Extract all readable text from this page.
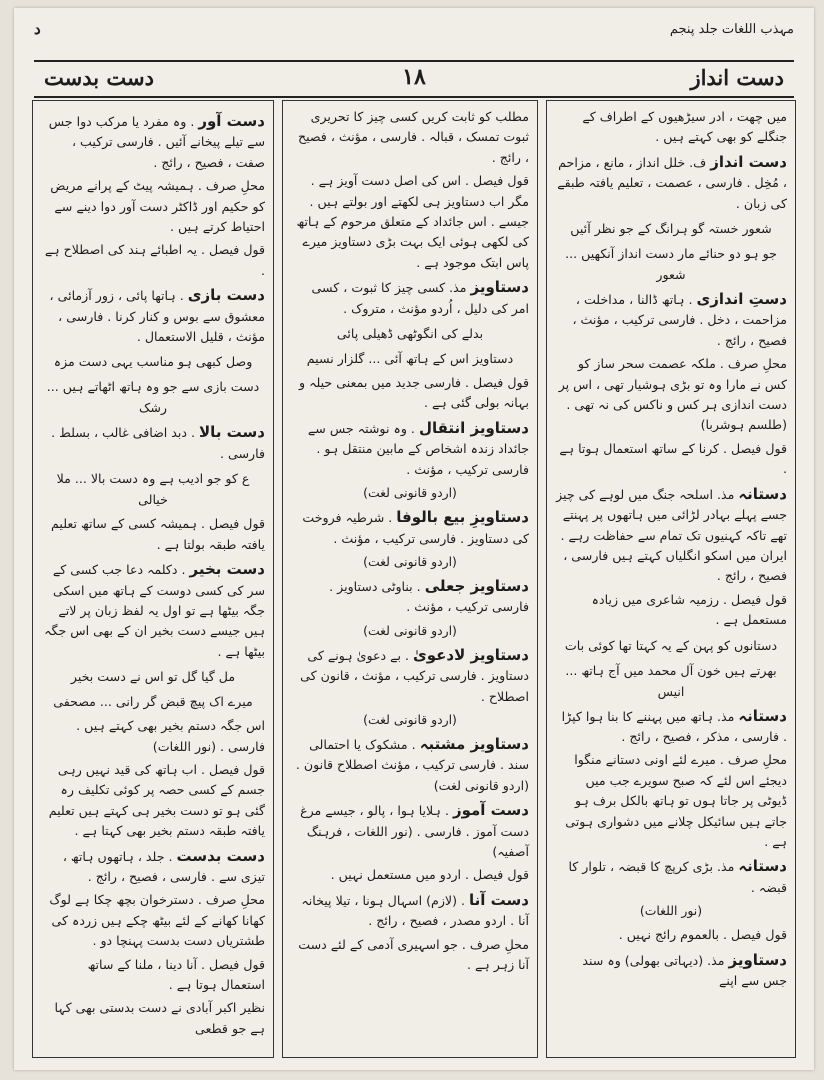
د	مہذب اللغات جلد پنجم
دست بدست	۱۸	دست انداز
میں چھت ، ادر سیڑھیوں کے اطراف کے جنگلے کو بھی کہتے ہیں .
دست انداز ف. خلل انداز ، مانع ، مزاحم ، مُخِل . فارسی ، عصمت ، تعلیم یافتہ طبقے کی زبان .
شعور خستہ گو ہرانگ کے جو نظر آئیں
جو ہو دو حنائے مار دست انداز آنکھیں ... شعور
دستِ اندازی . ہاتھ ڈالنا ، مداخلت ، مزاحمت ، دخل . فارسی ترکیب ، مؤنث ، فصیح ، رائج .
محلِ صرف . ملکہ عصمت سحر ساز کو کس نے مارا وہ تو بڑی ہوشیار تھی ، اس پر دست اندازی ہر کس و ناکس کی نہ تھی . (طلسم ہوشربا)
قول فیصل . کرنا کے ساتھ استعمال ہوتا ہے .
دستانہ مذ. اسلحہ جنگ میں لوہے کی چیز جسے پہلے بہادر لڑائی میں ہاتھوں پر پہنتے تھے تاکہ کہنیوں تک تمام سے حفاظت رہے . ایران میں اسکو انگلیاں کہتے ہیں فارسی ، فصیح ، رائج .
قول فیصل . رزمیہ شاعری میں زیادہ مستعمل ہے .
دستانوں کو پہن کے یہ کہتا تھا کوئی بات
بھرتے ہیں خون آل محمد میں آج ہاتھ ... انیس
دستانہ مذ. ہاتھ میں پہننے کا بنا ہوا کپڑا . فارسی ، مذکر ، فصیح ، رائج .
محلِ صرف . میرے لئے اونی دستانے منگوا دیجئے اس لئے کہ صبح سویرے جب میں ڈیوٹی پر جاتا ہوں تو ہاتھ بالکل برف ہو جاتے ہیں سائیکل چلانے میں دشواری ہوتی ہے .
دستانہ مذ. بڑی کرپچ کا قبضہ ، تلوار کا قبضہ .
(نور اللغات)
قول فیصل . بالعموم رائج نہیں .
دستاویز مذ. (دیہاتی بھولی) وہ سند جس سے اپنے
مطلب کو ثابت کریں کسی چیز کا تحریری ثبوت تمسک ، قبالہ . فارسی ، مؤنث ، فصیح ، رائج .
قول فیصل . اس کی اصل دست آویز ہے . مگر اب دستاویز ہی لکھتے اور بولتے ہیں . جیسے . اس جائداد کے متعلق مرحوم کے ہاتھ کی لکھی ہوئی ایک بہت بڑی دستاویز میرے پاس ابتک موجود ہے .
دستاویز مذ. کسی چیز کا ثبوت ، کسی امر کی دلیل ، اُردو مؤنث ، متروک .
بدلے کی انگوٹھی ڈھیلی پائی
دستاویز اس کے ہاتھ آئی ... گلزار نسیم
قول فیصل . فارسی جدید میں بمعنی حیلہ و بہانہ بولی گئی ہے .
دستاویز انتقال . وہ نوشتہ جس سے جائداد زندہ اشخاص کے مابین منتقل ہو . فارسی ترکیب ، مؤنث .
(اردو قانونی لغت)
دستاویزِ بیع بالوفا . شرطیہ فروخت کی دستاویز . فارسی ترکیب ، مؤنث .
(اردو قانونی لغت)
دستاویز جعلی . بناوٹی دستاویز . فارسی ترکیب ، مؤنث .
(اردو قانونی لغت)
دستاویز لادعویٰ . بے دعویٰ ہونے کی دستاویز . فارسی ترکیب ، مؤنث ، قانون کی اصطلاح .
(اردو قانونی لغت)
دستاویز مشتبہ . مشکوک یا احتمالی سند . فارسی ترکیب ، مؤنث اصطلاح قانون . (اردو قانونی لغت)
دست آموز . ہلایا ہوا ، پالو ، جیسے مرغ دست آموز . فارسی . (نور اللغات ، فرہنگ آصفیہ)
قول فیصل . اردو میں مستعمل نہیں .
دست آنا . (لازم) اسہال ہونا ، تیلا پیخانہ آنا . اردو مصدر ، فصیح ، رائج .
محلِ صرف . جو اسہیری آدمی کے لئے دست آنا زہر ہے .
دست آور . وہ مفرد یا مرکب دوا جس سے تیلے پیخانے آئیں . فارسی ترکیب ، صفت ، فصیح ، رائج .
محلِ صرف . ہمیشہ پیٹ کے پرانے مریض کو حکیم اور ڈاکٹر دست آور دوا دینے سے احتیاط کرتے ہیں .
قول فیصل . یہ اطبائے ہند کی اصطلاح ہے .
دست بازی . ہاتھا پائی ، زور آزمائی ، معشوق سے بوس و کنار کرنا . فارسی ، مؤنث ، قلیل الاستعمال .
وصل کبھی ہو مناسب یہی دست مزہ
دست بازی سے جو وہ ہاتھ اٹھاتے ہیں ... رشک
دست بالا . دبد اضافی غالب ، بسلط . فارسی .
ع کو جو ادیب ہے وہ دست بالا ... ملا خیالی
قول فیصل . ہمیشہ کسی کے ساتھ تعلیم یافتہ طبقہ بولتا ہے .
دست بخیر . دکلمہ دعا جب کسی کے سر کی کسی دوست کے ہاتھ میں اسکی جگہ بیٹھا ہے تو اول یہ لفظ زبان پر لاتے ہیں جیسے دست بخیر ان کے بھی اس جگہ بیٹھا ہے .
مل گیا گل تو اس نے دست بخیر
میرے اک پیچ قبض گر رانی ... مصحفی
اس جگہ دستم بخیر بھی کہتے ہیں . فارسی . (نور اللغات)
قول فیصل . اب ہاتھ کی قید نہیں رہی جسم کے کسی حصہ پر کوئی تکلیف رہ گئی ہو تو دست بخیر ہی کہتے ہیں تعلیم یافتہ طبقہ دستم بخیر بھی کہتا ہے .
دست بدست . جلد ، ہاتھوں ہاتھ ، تیزی سے . فارسی ، فصیح ، رائج .
محلِ صرف . دسترخوان بچھ چکا ہے لوگ کھانا کھانے کے لئے بیٹھ چکے ہیں زردہ کی طشتریاں دست بدست پہنچا دو .
قول فیصل . آنا دینا ، ملنا کے ساتھ استعمال ہوتا ہے .
نظیر اکبر آبادی نے دست بدستی بھی کہا ہے جو قطعی
